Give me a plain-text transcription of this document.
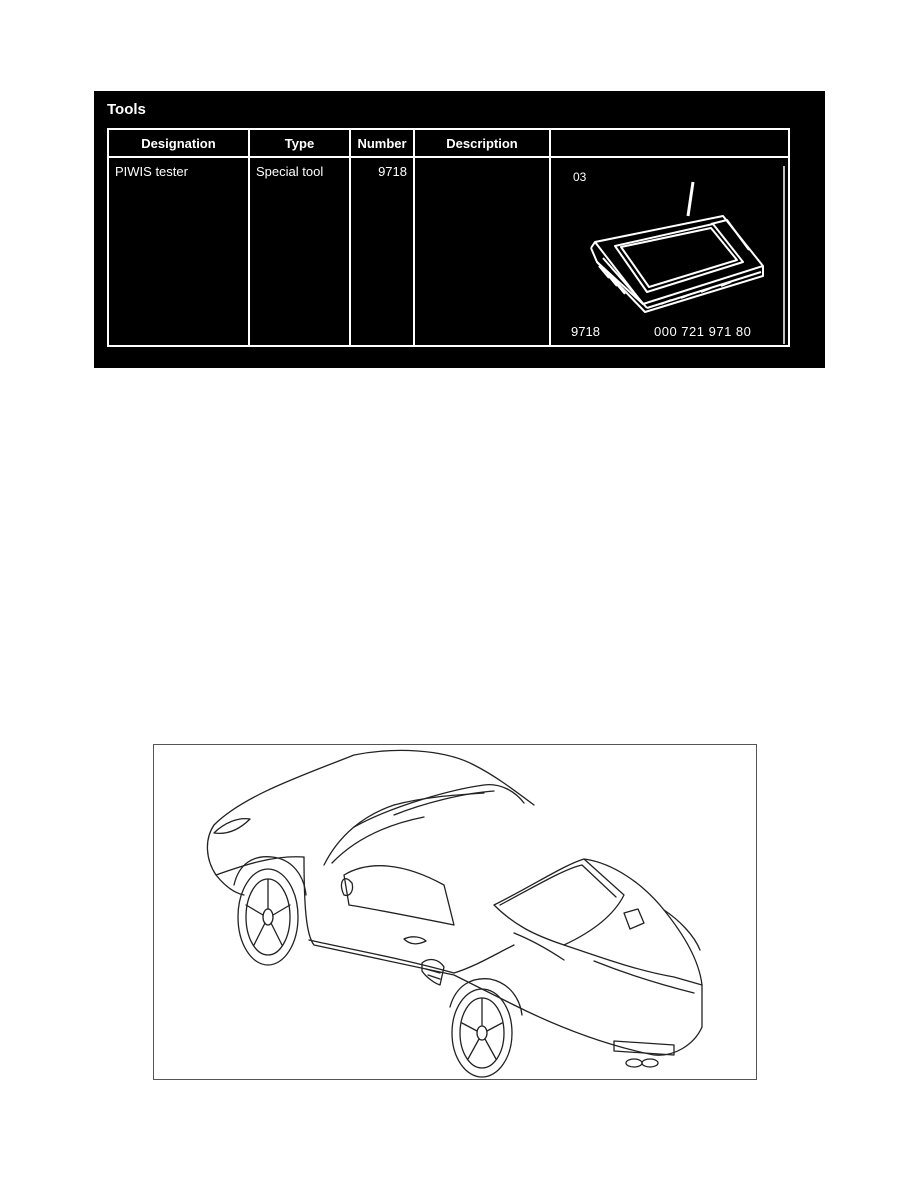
Tools
Designation	Type	Number	Description	
PIWIS tester	Special tool	9718		03
9718 000 721 971 80
